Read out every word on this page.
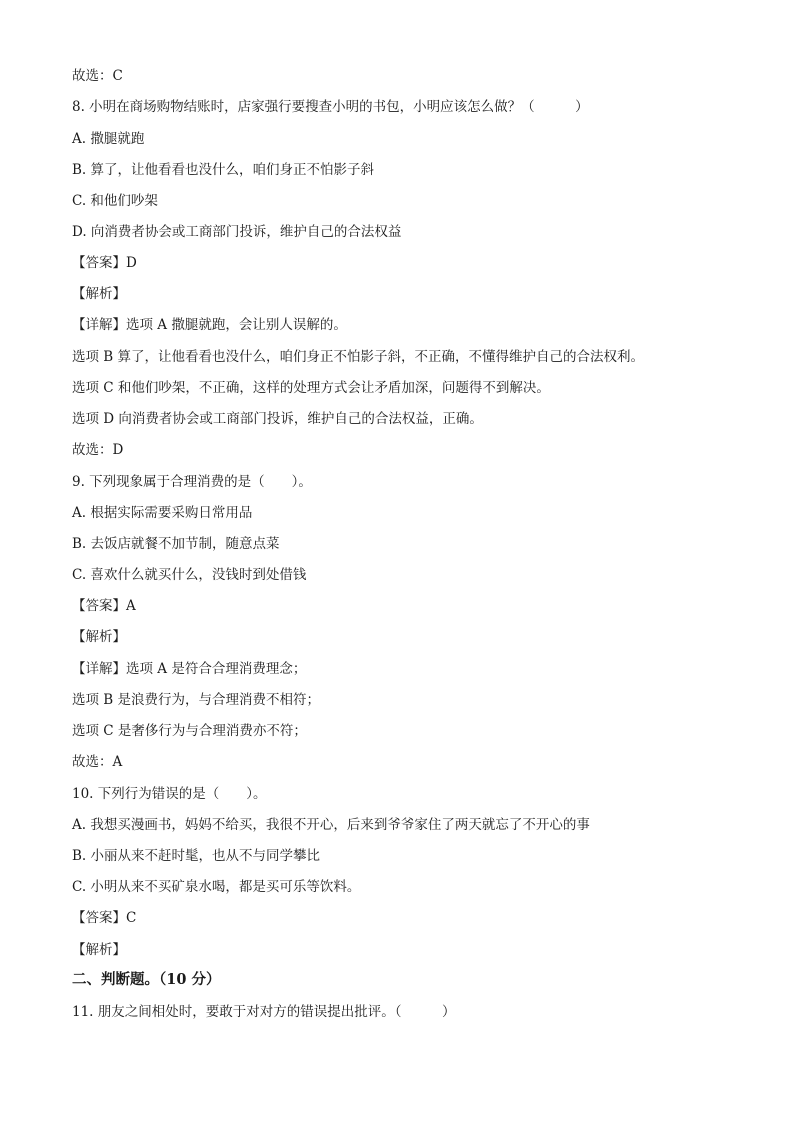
故选：C
8. 小明在商场购物结账时，店家强行要搜查小明的书包，小明应该怎么做？（　　　）
A. 撒腿就跑
B. 算了，让他看看也没什么，咱们身正不怕影子斜
C. 和他们吵架
D. 向消费者协会或工商部门投诉，维护自己的合法权益
【答案】D
【解析】
【详解】选项 A 撒腿就跑，会让别人误解的。
选项 B 算了，让他看看也没什么，咱们身正不怕影子斜，不正确，不懂得维护自己的合法权利。
选项 C 和他们吵架，不正确，这样的处理方式会让矛盾加深，问题得不到解决。
选项 D 向消费者协会或工商部门投诉，维护自己的合法权益，正确。
故选：D
9. 下列现象属于合理消费的是（　　）。
A. 根据实际需要采购日常用品
B. 去饭店就餐不加节制，随意点菜
C. 喜欢什么就买什么，没钱时到处借钱
【答案】A
【解析】
【详解】选项 A 是符合合理消费理念；
选项 B 是浪费行为，与合理消费不相符；
选项 C 是奢侈行为与合理消费亦不符；
故选：A
10. 下列行为错误的是（　　）。
A. 我想买漫画书，妈妈不给买，我很不开心，后来到爷爷家住了两天就忘了不开心的事
B. 小丽从来不赶时髦，也从不与同学攀比
C. 小明从来不买矿泉水喝，都是买可乐等饮料。
【答案】C
【解析】
二、判断题。（10 分）
11. 朋友之间相处时，要敢于对对方的错误提出批评。（　　　）
